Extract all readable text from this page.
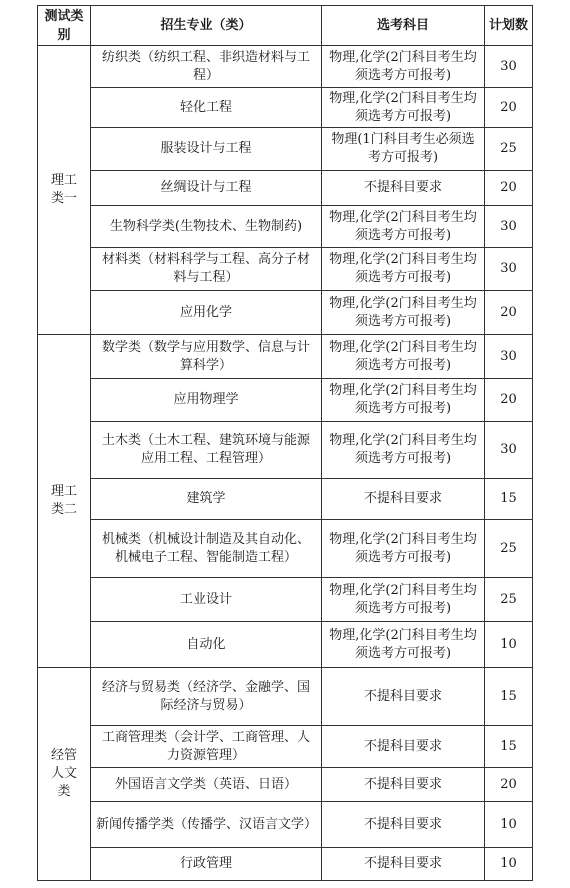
测试类别	招生专业（类）	选考科目	计划数
理工类一	纺织类（纺织工程、非织造材料与工程）	物理,化学(2门科目考生均须选考方可报考)	30
	轻化工程	物理,化学(2门科目考生均须选考方可报考)	20
	服装设计与工程	物理(1门科目考生必须选考方可报考)	25
	丝绸设计与工程	不提科目要求	20
	生物科学类(生物技术、生物制药)	物理,化学(2门科目考生均须选考方可报考)	30
	材料类（材料科学与工程、高分子材料与工程）	物理,化学(2门科目考生均须选考方可报考)	30
	应用化学	物理,化学(2门科目考生均须选考方可报考)	20
理工类二	数学类（数学与应用数学、信息与计算科学）	物理,化学(2门科目考生均须选考方可报考)	30
	应用物理学	物理,化学(2门科目考生均须选考方可报考)	20
	土木类（土木工程、建筑环境与能源应用工程、工程管理）	物理,化学(2门科目考生均须选考方可报考)	30
	建筑学	不提科目要求	15
	机械类（机械设计制造及其自动化、机械电子工程、智能制造工程）	物理,化学(2门科目考生均须选考方可报考)	25
	工业设计	物理,化学(2门科目考生均须选考方可报考)	25
	自动化	物理,化学(2门科目考生均须选考方可报考)	10
经管人文类	经济与贸易类（经济学、金融学、国际经济与贸易）	不提科目要求	15
	工商管理类（会计学、工商管理、人力资源管理）	不提科目要求	15
	外国语言文学类（英语、日语）	不提科目要求	20
	新闻传播学类（传播学、汉语言文学）	不提科目要求	10
	行政管理	不提科目要求	10
